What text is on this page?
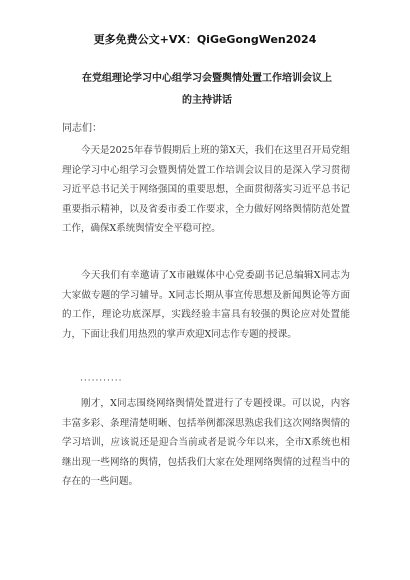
更多免费公文+VX：QiGeGongWen2024
在党组理论学习中心组学习会暨舆情处置工作培训会议上
的主持讲话
同志们：

今天是2025年春节假期后上班的第X天，我们在这里召开局党组理论学习中心组学习会暨舆情处置工作培训会议目的是深入学习贯彻习近平总书记关于网络强国的重要思想，全面贯彻落实习近平总书记重要指示精神，以及省委市委工作要求，全力做好网络舆情防范处置工作，确保X系统舆情安全平稳可控。

今天我们有幸邀请了X市融媒体中心党委副书记总编辑X同志为大家做专题的学习辅导。X同志长期从事宣传思想及新闻舆论等方面的工作，理论功底深厚，实践经验丰富具有较强的舆论应对处置能力，下面让我们用热烈的掌声欢迎X同志作专题的授课。

···········

刚才，X同志围绕网络舆情处置进行了专题授课。可以说，内容丰富多彩、条理清楚明晰、包括举例都深思熟虑我们这次网络舆情的学习培训，应该说还是迎合当前或者是说今年以来，全市X系统也相继出现一些网络的舆情，包括我们大家在处理网络舆情的过程当中的存在的一些问题。
